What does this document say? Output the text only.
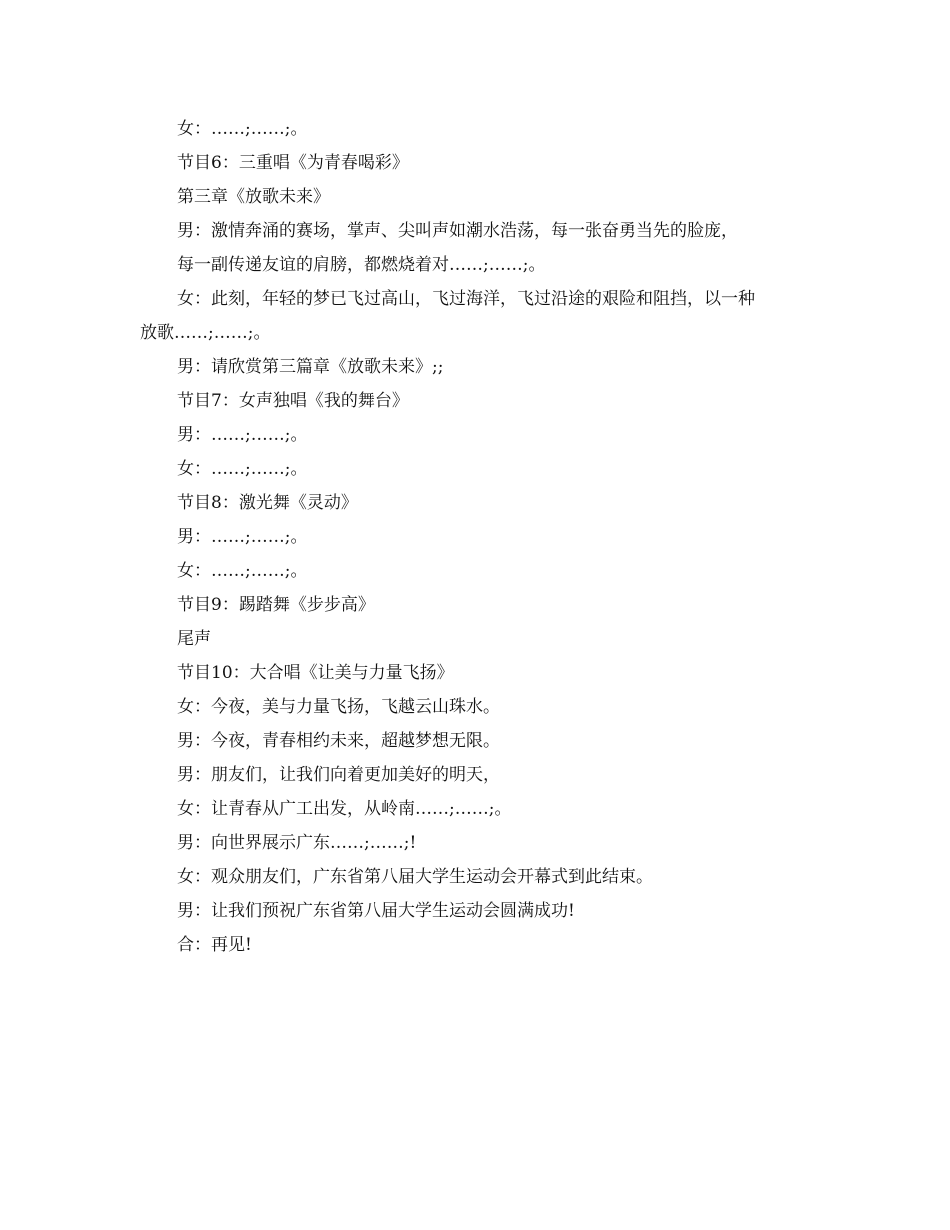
女：……;……;。
节目6：三重唱《为青春喝彩》
第三章《放歌未来》
男：激情奔涌的赛场，掌声、尖叫声如潮水浩荡，每一张奋勇当先的脸庞，
每一副传递友谊的肩膀，都燃烧着对……;……;。
女：此刻，年轻的梦已飞过高山，飞过海洋，飞过沿途的艰险和阻挡，以一种
放歌……;……;。
男：请欣赏第三篇章《放歌未来》;;
节目7：女声独唱《我的舞台》
男：……;……;。
女：……;……;。
节目8：激光舞《灵动》
男：……;……;。
女：……;……;。
节目9：踢踏舞《步步高》
尾声
节目10：大合唱《让美与力量飞扬》
女：今夜，美与力量飞扬，飞越云山珠水。
男：今夜，青春相约未来，超越梦想无限。
男：朋友们，让我们向着更加美好的明天，
女：让青春从广工出发，从岭南……;……;。
男：向世界展示广东……;……;!
女：观众朋友们，广东省第八届大学生运动会开幕式到此结束。
男：让我们预祝广东省第八届大学生运动会圆满成功!
合：再见!
